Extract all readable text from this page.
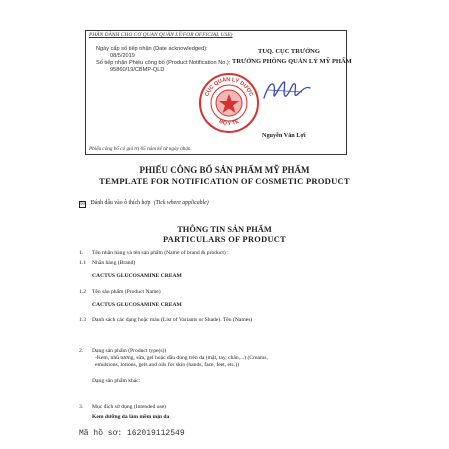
PHẦN DÀNH CHO CƠ QUAN QUẢN LÝ/FOR OFFICIAL USE)
Ngày cấp số tiếp nhận (Date acknowledged):
08/5/2019
Số tiếp nhận Phiếu công bố (Product Notification No.):
95860/19/CBMP-QLD
TUQ. CỤC TRƯỞNG
TRƯỞNG PHÒNG QUẢN LÝ MỸ PHẨM
CỤC QUẢN LÝ DƯỢC
BỘ Y TẾ
Nguyễn Văn Lợi
Phiếu công bố có giá trị 05 năm kể từ ngày nhận.
PHIẾU CÔNG BỐ SẢN PHẨM MỸ PHẨM
TEMPLATE FOR NOTIFICATION OF COSMETIC PRODUCT
☒ Đánh dấu vào ô thích hợp (Tick where applicable)
THÔNG TIN SẢN PHẨM
PARTICULARS OF PRODUCT
1. Tên nhãn hàng và tên sản phẩm (Name of brand & product) :
1.1 Nhãn hàng (Brand)
CACTUS GLUCOSAMINE CREAM
1.2 Tên sản phẩm (Product Name)
CACTUS GLUCOSAMINE CREAM
1.3 Danh sách các dạng hoặc màu (List of Variants or Shade). Tên (Names)
2. Dạng sản phẩm (Product type(s))
-Kem, nhũ tương, sữa, gel hoặc dầu dùng trên da (mặt, tay, chân,...) (Creams,
emulsions, lotions, gels and oils for skin (hands, face, feet, etc.))
Dạng sản phẩm khác:
3. Mục đích sử dụng (Intended use)
Kem dưỡng da làm mềm mịn da
Mã hồ sơ: 162019112549
